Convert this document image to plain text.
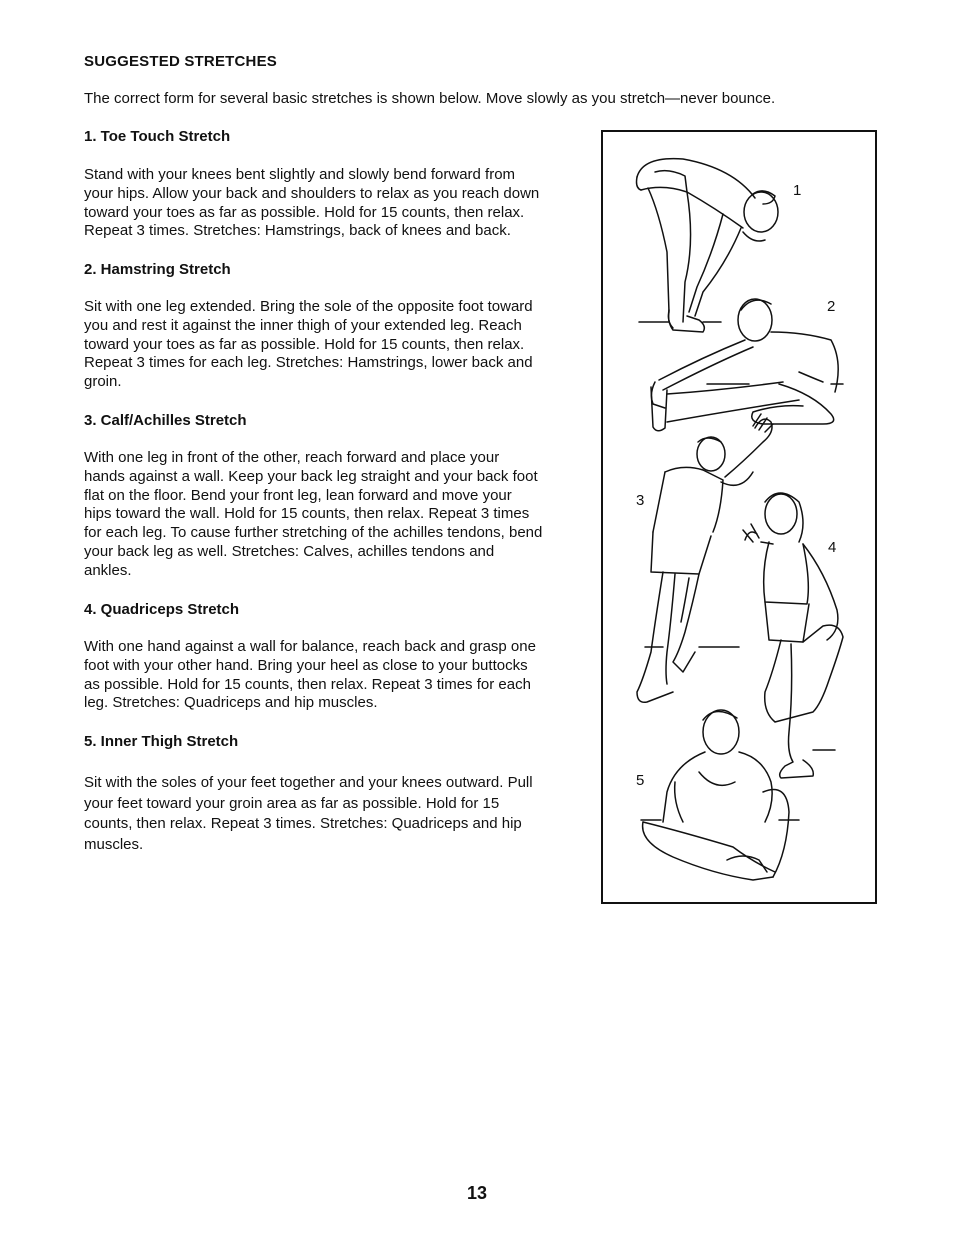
SUGGESTED STRETCHES
The correct form for several basic stretches is shown below. Move slowly as you stretch—never bounce.
1. Toe Touch Stretch
Stand with your knees bent slightly and slowly bend forward from
your hips. Allow your back and shoulders to relax as you reach down
toward your toes as far as possible. Hold for 15 counts, then relax.
Repeat 3 times. Stretches: Hamstrings, back of knees and back.
2. Hamstring Stretch
Sit with one leg extended. Bring the sole of the opposite foot toward
you and rest it against the inner thigh of your extended leg. Reach
toward your toes as far as possible. Hold for 15 counts, then relax.
Repeat 3 times for each leg. Stretches: Hamstrings, lower back and
groin.
3. Calf/Achilles Stretch
With one leg in front of the other, reach forward and place your
hands against a wall. Keep your back leg straight and your back foot
flat on the floor. Bend your front leg, lean forward and move your
hips toward the wall. Hold for 15 counts, then relax. Repeat 3 times
for each leg. To cause further stretching of the achilles tendons, bend
your back leg as well. Stretches: Calves, achilles tendons and
ankles.
4. Quadriceps Stretch
With one hand against a wall for balance, reach back and grasp one
foot with your other hand. Bring your heel as close to your buttocks
as possible. Hold for 15 counts, then relax. Repeat 3 times for each
leg. Stretches: Quadriceps and hip muscles.
5. Inner Thigh Stretch
Sit with the soles of your feet together and your knees outward. Pull
your feet toward your groin area as far as possible. Hold for 15
counts, then relax. Repeat 3 times. Stretches: Quadriceps and hip
muscles.
1
2
3
4
5
13
